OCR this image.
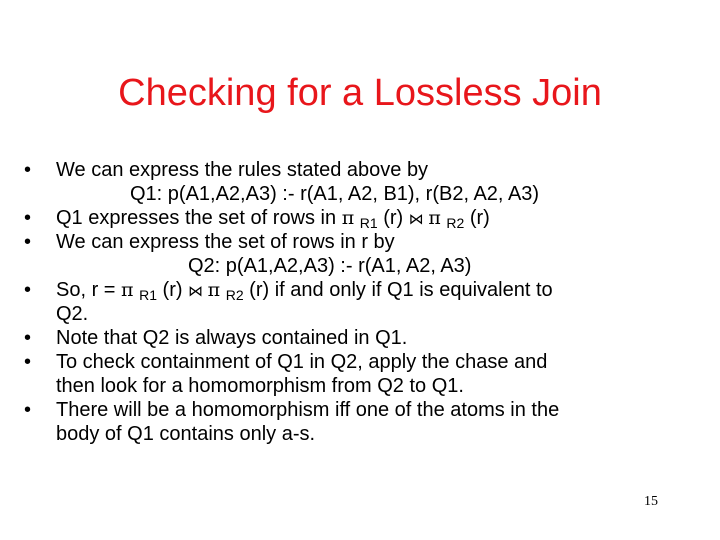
Checking for a Lossless Join
•
We can express the rules stated above by
Q1: p(A1,A2,A3) :- r(A1, A2, B1), r(B2, A2, A3)
•
Q1 expresses the set of rows in π $_{R1}$ (r) ⋈ π $_{R2}$ (r)
•
We can express the set of rows in r by
Q2: p(A1,A2,A3) :- r(A1, A2, A3)
•
So, r = π $_{R1}$ (r) ⋈ π $_{R2}$ (r) if and only if Q1 is equivalent to
Q2.
•
Note that Q2 is always contained in Q1.
•
To check containment of Q1 in Q2, apply the chase and
then look for a homomorphism from Q2 to Q1.
•
There will be a homomorphism iff one of the atoms in the
body of Q1 contains only a-s.
15
